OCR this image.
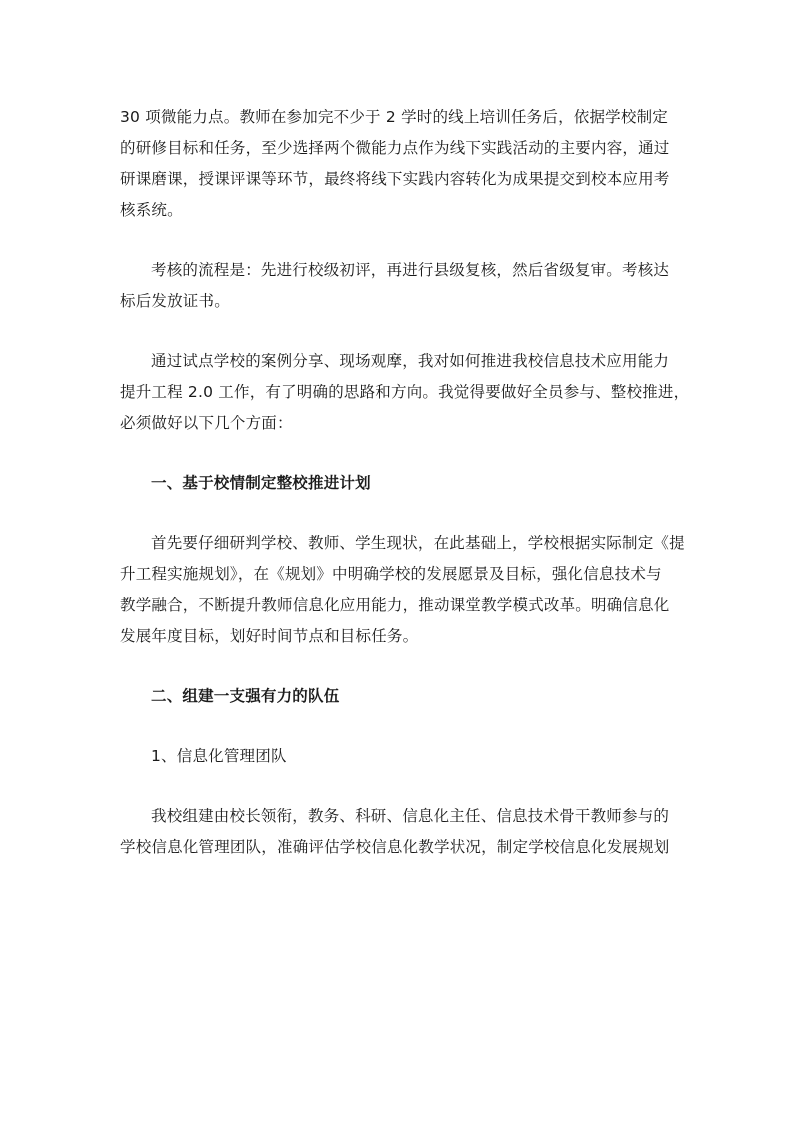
30 项微能力点。教师在参加完不少于 2 学时的线上培训任务后，依据学校制定
的研修目标和任务，至少选择两个微能力点作为线下实践活动的主要内容，通过
研课磨课，授课评课等环节，最终将线下实践内容转化为成果提交到校本应用考
核系统。

考核的流程是：先进行校级初评，再进行县级复核，然后省级复审。考核达
标后发放证书。

通过试点学校的案例分享、现场观摩，我对如何推进我校信息技术应用能力
提升工程 2.0 工作，有了明确的思路和方向。我觉得要做好全员参与、整校推进，
必须做好以下几个方面：

一、基于校情制定整校推进计划

首先要仔细研判学校、教师、学生现状，在此基础上，学校根据实际制定《提
升工程实施规划》，在《规划》中明确学校的发展愿景及目标，强化信息技术与
教学融合，不断提升教师信息化应用能力，推动课堂教学模式改革。明确信息化
发展年度目标，划好时间节点和目标任务。

二、组建一支强有力的队伍

1、信息化管理团队

我校组建由校长领衔，教务、科研、信息化主任、信息技术骨干教师参与的
学校信息化管理团队，准确评估学校信息化教学状况，制定学校信息化发展规划
